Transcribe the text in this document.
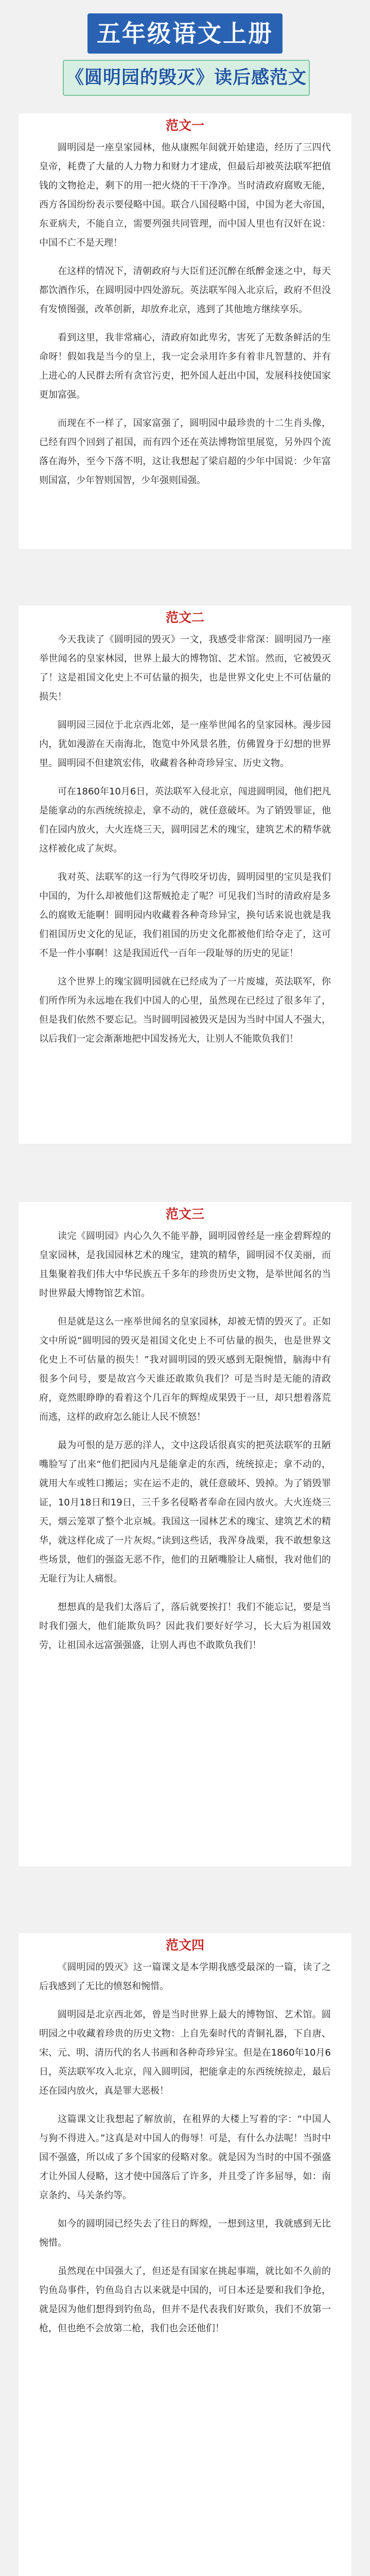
五年级语文上册
《圆明园的毁灭》读后感范文
范文一

圆明园是一座皇家园林，他从康熙年间就开始建造，经历了三四代皇帝，耗费了大量的人力物力和财力才建成，但最后却被英法联军把值钱的文物抢走，剩下的用一把火烧的干干净净。当时清政府腐败无能，西方各国纷纷表示要侵略中国。联合八国侵略中国，中国为老大帝国，东亚病夫，不能自立，需要列强共同管理，而中国人里也有汉奸在说：中国不亡不是天理！

在这样的情况下，清朝政府与大臣们还沉醉在纸醉金迷之中，每天都饮酒作乐，在圆明园中四处游玩。英法联军闯入北京后，政府不但没有发愤图强，改革创新，却放弃北京，逃到了其他地方继续享乐。

看到这里，我非常痛心，清政府如此卑劣，害死了无数条鲜活的生命呀！假如我是当今的皇上，我一定会录用许多有着非凡智慧的、并有上进心的人民群去所有贪官污吏，把外国人赶出中国，发展科技使国家更加富强。

而现在不一样了，国家富强了，圆明园中最珍贵的十二生肖头像，已经有四个回到了祖国，而有四个还在英法博物馆里展览，另外四个流落在海外，至今下落不明，这让我想起了梁启超的少年中国说：少年富则国富，少年智则国智，少年强则国强。

范文二

今天我读了《圆明园的毁灭》一文，我感受非常深：圆明园乃一座举世闻名的皇家林园，世界上最大的博物馆、艺术馆。然而，它被毁灭了！这是祖国文化史上不可估量的损失，也是世界文化史上不可估量的损失！

圆明园三园位于北京西北郊，是一座举世闻名的皇家园林。漫步园内，犹如漫游在天南海北，饱览中外风景名胜，仿佛置身于幻想的世界里。圆明园不但建筑宏伟，收藏着各种奇珍异宝、历史文物。

可在1860年10月6日，英法联军入侵北京，闯进圆明园，他们把凡是能拿动的东西统统掠走，拿不动的，就任意破坏。为了销毁罪证，他们在园内放火，大火连烧三天，圆明园艺术的瑰宝，建筑艺术的精华就这样被化成了灰烬。

我对英、法联军的这一行为气得咬牙切齿，圆明园里的宝贝是我们中国的，为什么却被他们这帮贼抢走了呢？可见我们当时的清政府是多么的腐败无能啊！圆明园内收藏着各种奇珍异宝，换句话来说也就是我们祖国历史文化的见证，我们祖国的历史文化都被他们给夺走了，这可不是一件小事啊！这是我国近代一百年一段耻辱的历史的见证！

这个世界上的瑰宝圆明园就在已经成为了一片废墟，英法联军，你们所作所为永远地在我们中国人的心里，虽然现在已经过了很多年了，但是我们依然不要忘记。当时圆明园被毁灭是因为当时中国人不强大，以后我们一定会渐渐地把中国发扬光大，让别人不能欺负我们！

范文三

读完《圆明园》内心久久不能平静，圆明园曾经是一座金碧辉煌的皇家园林，是我国园林艺术的瑰宝，建筑的精华，圆明园不仅美丽，而且集聚着我们伟大中华民族五千多年的珍贵历史文物，是举世闻名的当时世界最大博物馆艺术馆。

但是就是这么一座举世闻名的皇家园林，却被无情的毁灭了。正如文中所说“圆明园的毁灭是祖国文化史上不可估量的损失，也是世界文化史上不可估量的损失！”我对圆明园的毁灭感到无限惋惜，脑海中有很多个问号，要是故宫今天谁还敢欺负我们？可是当时是无能的清政府，竟然眼睁睁的看着这个几百年的辉煌成果毁于一旦，却只想着落荒而逃，这样的政府怎么能让人民不愤怒！

最为可恨的是万恶的洋人，文中这段话很真实的把英法联军的丑陋嘴脸写了出来“他们把园内凡是能拿走的东西，统统掠走；拿不动的，就用大车或牲口搬运；实在运不走的，就任意破坏、毁掉。为了销毁罪证，10月18日和19日，三千多名侵略者奉命在园内放火。大火连烧三天，烟云笼罩了整个北京城。我国这一园林艺术的瑰宝、建筑艺术的精华，就这样化成了一片灰烬。”读到这些话，我浑身战栗，我不敢想象这些场景，他们的强盗无恶不作，他们的丑陋嘴脸让人痛恨，我对他们的无耻行为让人痛恨。

想想真的是我们太落后了，落后就要挨打！我们不能忘记，要是当时我们强大，他们能欺负吗？因此我们要好好学习，长大后为祖国效劳，让祖国永远富强强盛，让别人再也不敢欺负我们！

范文四

《圆明园的毁灭》这一篇课文是本学期我感受最深的一篇，读了之后我感到了无比的愤怒和惋惜。

圆明园是北京西北郊，曾是当时世界上最大的博物馆、艺术馆。圆明园之中收藏着珍贵的历史文物：上自先秦时代的青铜礼器，下自唐、宋、元、明、清历代的名人书画和各种奇珍异宝。但是在1860年10月6日，英法联军攻入北京，闯入圆明园，把能拿走的东西统统掠走，最后还在园内放火，真是罪大恶极！

这篇课文让我想起了解放前，在租界的大楼上写着的字：“中国人与狗不得进入。”这真是对中国人的侮辱！可是，有什么办法呢！当时中国不强盛，所以成了多个国家的侵略对象。就是因为当时的中国不强盛才让外国人侵略，这才使中国落后了许多，并且受了许多屈辱，如：南京条约、马关条约等。

如今的圆明园已经失去了往日的辉煌，一想到这里，我就感到无比惋惜。

虽然现在中国强大了，但还是有国家在挑起事端，就比如不久前的钓鱼岛事件，钓鱼岛自古以来就是中国的，可日本还是要和我们争抢，就是因为他们想得到钓鱼岛，但并不是代表我们好欺负，我们不放第一枪，但也绝不会放第二枪，我们也会还他们！
